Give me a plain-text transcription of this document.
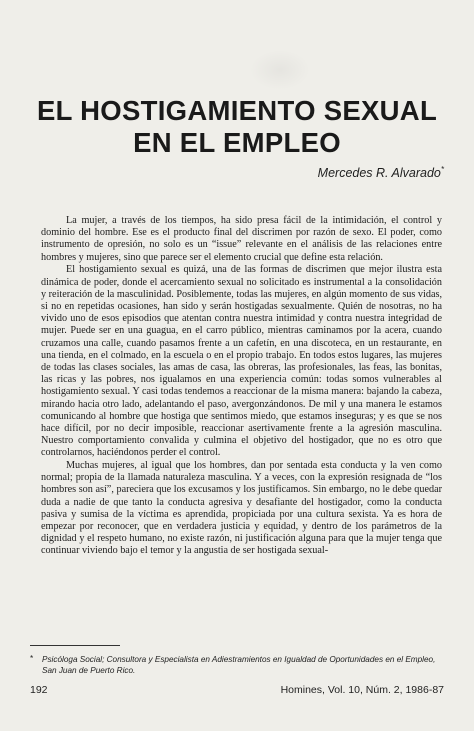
EL HOSTIGAMIENTO SEXUAL
EN EL EMPLEO
Mercedes R. Alvarado*

La mujer, a través de los tiempos, ha sido presa fácil de la intimidación, el control y dominio del hombre. Ese es el producto final del discrimen por razón de sexo. El poder, como instrumento de opresión, no solo es un “issue” relevante en el análisis de las relaciones entre hombres y mujeres, sino que parece ser el elemento crucial que define esta relación.

El hostigamiento sexual es quizá, una de las formas de discrimen que mejor ilustra esta dinámica de poder, donde el acercamiento sexual no solicitado es instrumental a la consolidación y reiteración de la masculinidad. Posiblemente, todas las mujeres, en algún momento de sus vidas, si no en repetidas ocasiones, han sido y serán hostigadas sexualmente. Quién de nosotras, no ha vivido uno de esos episodios que atentan contra nuestra intimidad y contra nuestra integridad de mujer. Puede ser en una guagua, en el carro público, mientras caminamos por la acera, cuando cruzamos una calle, cuando pasamos frente a un cafetín, en una discoteca, en un restaurante, en una tienda, en el colmado, en la escuela o en el propio trabajo. En todos estos lugares, las mujeres de todas las clases sociales, las amas de casa, las obreras, las profesionales, las feas, las bonitas, las ricas y las pobres, nos igualamos en una experiencia común: todas somos vulnerables al hostigamiento sexual. Y casi todas tendemos a reaccionar de la misma manera: bajando la cabeza, mirando hacia otro lado, adelantando el paso, avergonzándonos. De mil y una manera le estamos comunicando al hombre que hostiga que sentimos miedo, que estamos inseguras; y es que se nos hace difícil, por no decir imposible, reaccionar asertivamente frente a la agresión masculina. Nuestro comportamiento convalida y culmina el objetivo del hostigador, que no es otro que controlarnos, haciéndonos perder el control.

Muchas mujeres, al igual que los hombres, dan por sentada esta conducta y la ven como normal; propia de la llamada naturaleza masculina. Y a veces, con la expresión resignada de “los hombres son así”, pareciera que los excusamos y los justificamos. Sin embargo, no le debe quedar duda a nadie de que tanto la conducta agresiva y desafiante del hostigador, como la conducta pasiva y sumisa de la víctima es aprendida, propiciada por una cultura sexista. Ya es hora de empezar por reconocer, que en verdadera justicia y equidad, y dentro de los parámetros de la dignidad y el respeto humano, no existe razón, ni justificación alguna para que la mujer tenga que continuar viviendo bajo el temor y la angustia de ser hostigada sexual-

* Psicóloga Social; Consultora y Especialista en Adiestramientos en Igualdad de Oportunidades en el Empleo, San Juan de Puerto Rico.
192	Homines, Vol. 10, Núm. 2, 1986-87
